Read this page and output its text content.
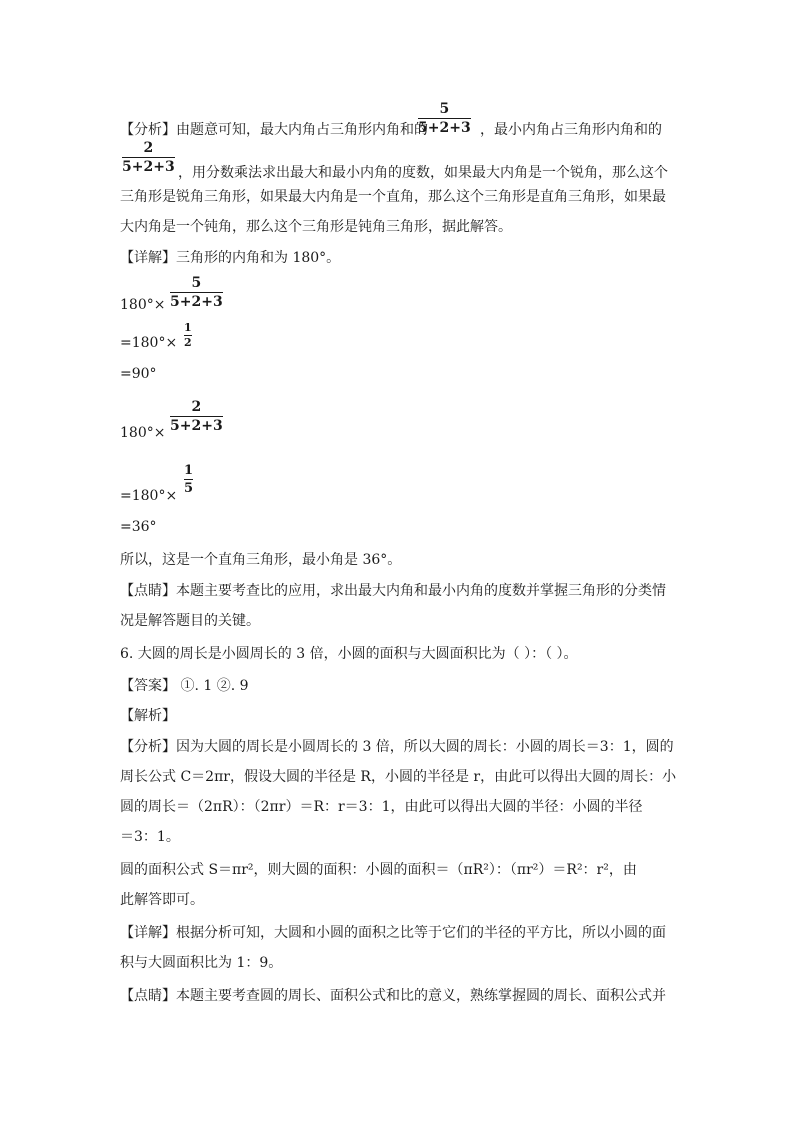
【分析】由题意可知，最大内角占三角形内角和的
5
5+2+3 ，最小内角占三角形内角和的
2
5+2+3 ，用分数乘法求出最大和最小内角的度数，如果最大内角是一个锐角，那么这个
三角形是锐角三角形，如果最大内角是一个直角，那么这个三角形是直角三角形，如果最
大内角是一个钝角，那么这个三角形是钝角三角形，据此解答。
【详解】三角形的内角和为 180°。
180°×
5
5+2+3
=180°×
1
2
=90°
180°×
2
5+2+3
=180°×
1
5
=36°
所以，这是一个直角三角形，最小角是 36°。
【点睛】本题主要考查比的应用，求出最大内角和最小内角的度数并掌握三角形的分类情
况是解答题目的关键。
6. 大圆的周长是小圆周长的 3 倍，小圆的面积与大圆面积比为（ ）：（ ）。
【答案】 ①. 1 ②. 9
【解析】
【分析】因为大圆的周长是小圆周长的 3 倍，所以大圆的周长：小圆的周长＝3：1，圆的
周长公式 C＝2πr，假设大圆的半径是 R，小圆的半径是 r，由此可以得出大圆的周长：小
圆的周长＝（2πR）：（2πr）＝R：r＝3：1，由此可以得出大圆的半径：小圆的半径
＝3：1。
圆的面积公式 S＝πr²，则大圆的面积：小圆的面积＝（πR²）：（πr²）＝R²：r²，由
此解答即可。
【详解】根据分析可知，大圆和小圆的面积之比等于它们的半径的平方比，所以小圆的面
积与大圆面积比为 1：9。
【点睛】本题主要考查圆的周长、面积公式和比的意义，熟练掌握圆的周长、面积公式并
